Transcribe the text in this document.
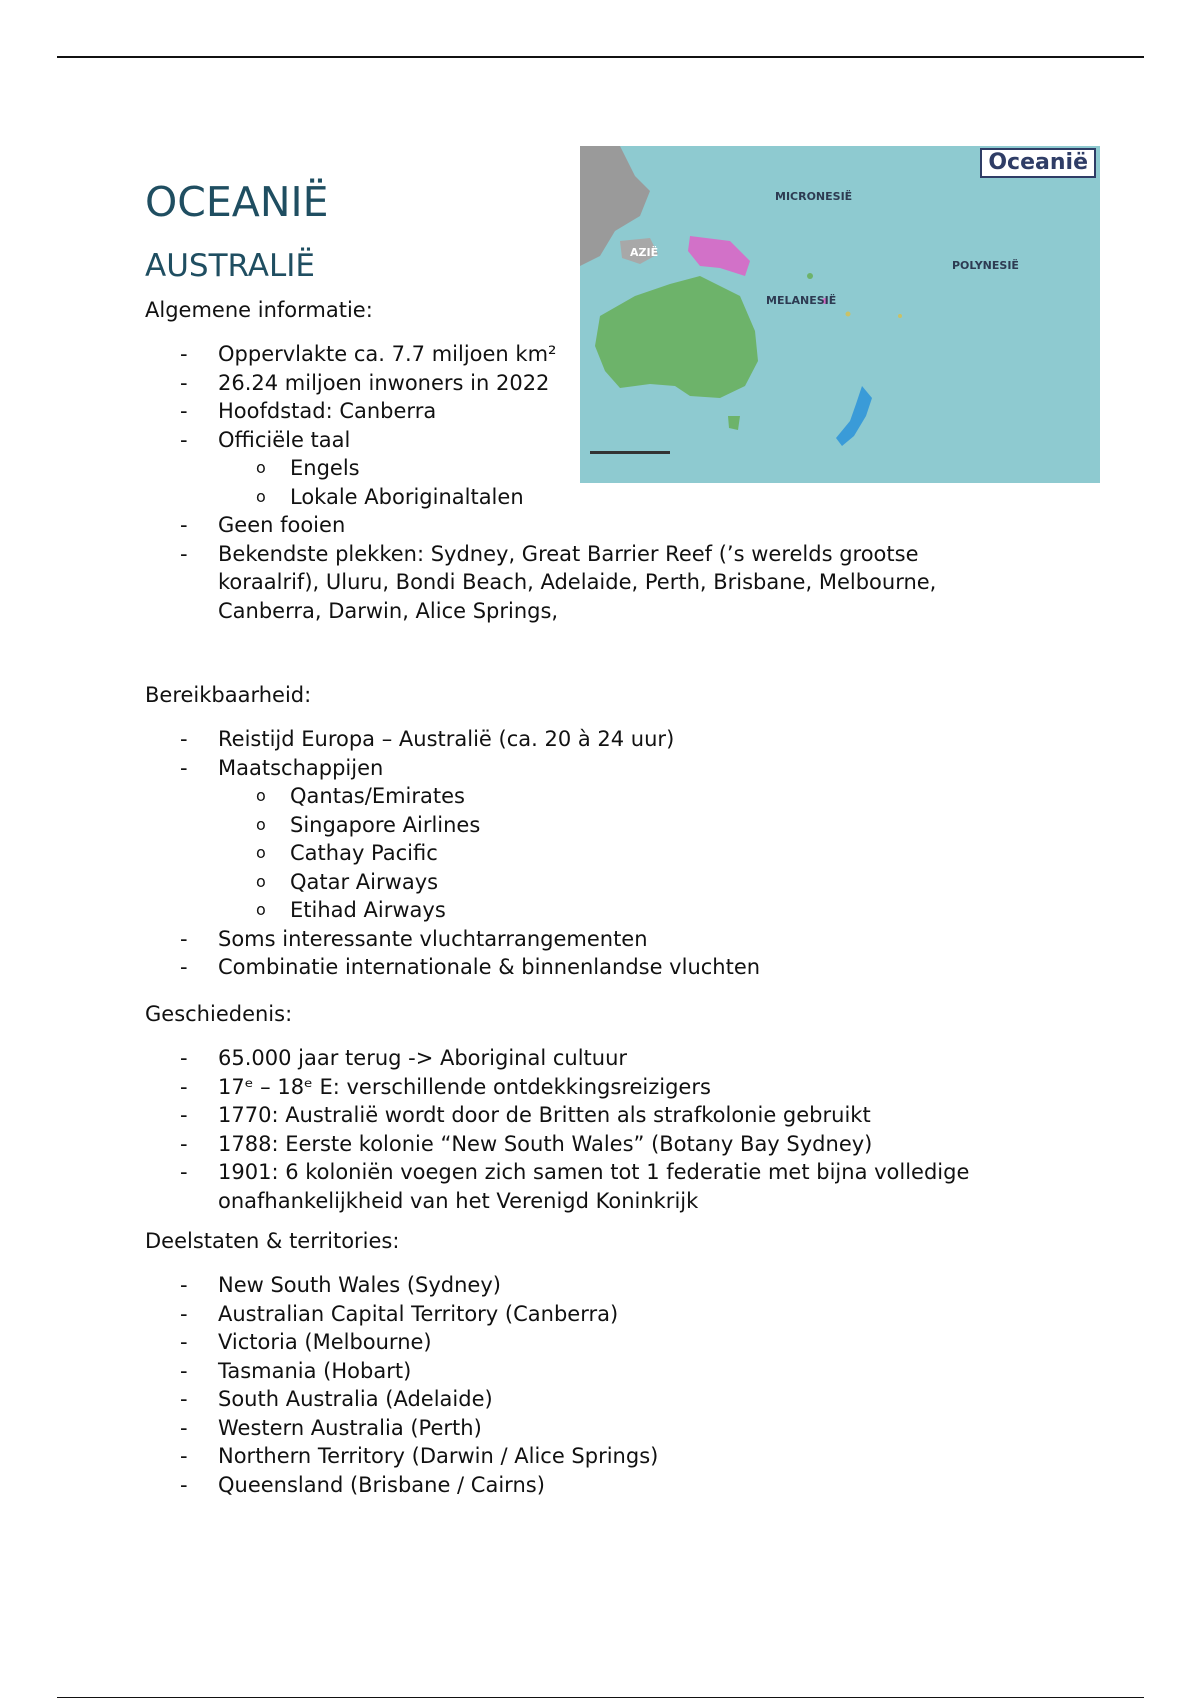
OCEANIË
AUSTRALIË
Oceanië
MICRONESIË
POLYNESIË
MELANESIË
AZIË

Algemene informatie:

- Oppervlakte ca. 7.7 miljoen km²
- 26.24 miljoen inwoners in 2022
- Hoofdstad: Canberra
- Officiële taal
o Engels
o Lokale Aboriginaltalen
- Geen fooien
- Bekendste plekken: Sydney, Great Barrier Reef (’s werelds grootse koraalrif), Uluru, Bondi Beach, Adelaide, Perth, Brisbane, Melbourne, Canberra, Darwin, Alice Springs,

Bereikbaarheid:

- Reistijd Europa – Australië (ca. 20 à 24 uur)
- Maatschappijen
o Qantas/Emirates
o Singapore Airlines
o Cathay Pacific
o Qatar Airways
o Etihad Airways
- Soms interessante vluchtarrangementen
- Combinatie internationale & binnenlandse vluchten

Geschiedenis:

- 65.000 jaar terug -> Aboriginal cultuur
- 17ᵉ – 18ᵉ E: verschillende ontdekkingsreizigers
- 1770: Australië wordt door de Britten als strafkolonie gebruikt
- 1788: Eerste kolonie “New South Wales” (Botany Bay Sydney)
- 1901: 6 koloniën voegen zich samen tot 1 federatie met bijna volledige onafhankelijkheid van het Verenigd Koninkrijk

Deelstaten & territories:

- New South Wales (Sydney)
- Australian Capital Territory (Canberra)
- Victoria (Melbourne)
- Tasmania (Hobart)
- South Australia (Adelaide)
- Western Australia (Perth)
- Northern Territory (Darwin / Alice Springs)
- Queensland (Brisbane / Cairns)
